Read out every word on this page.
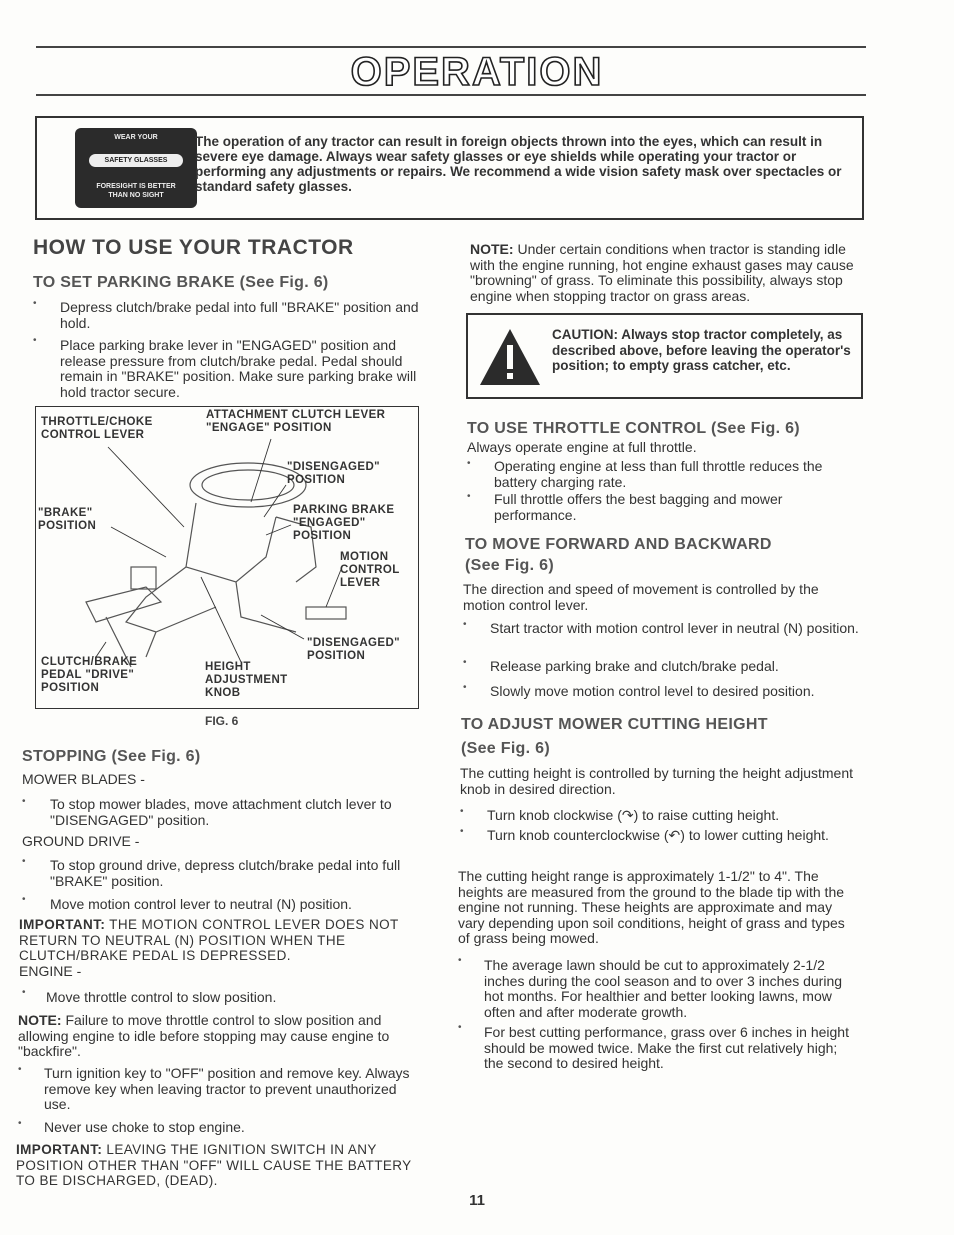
OPERATION
WEAR YOUR
SAFETY GLASSES
FORESIGHT IS BETTER
THAN NO SIGHT
The operation of any tractor can result in foreign objects thrown into the eyes, which can result in severe eye damage. Always wear safety glasses or eye shields while operating your tractor or performing any adjustments or repairs. We recommend a wide vision safety mask over spectacles or standard safety glasses.
HOW TO USE YOUR TRACTOR
TO SET PARKING BRAKE (See Fig. 6)
• Depress clutch/brake pedal into full "BRAKE" position and hold.
• Place parking brake lever in "ENGAGED" position and release pressure from clutch/brake pedal. Pedal should remain in "BRAKE" position. Make sure parking brake will hold tractor secure.
THROTTLE/CHOKE CONTROL LEVER
ATTACHMENT CLUTCH LEVER "ENGAGE" POSITION
"DISENGAGED" POSITION
"BRAKE" POSITION
PARKING BRAKE "ENGAGED" POSITION
MOTION CONTROL LEVER
"DISENGAGED" POSITION
CLUTCH/BRAKE PEDAL "DRIVE" POSITION
HEIGHT ADJUSTMENT KNOB
FIG. 6
STOPPING (See Fig. 6)
MOWER BLADES -
• To stop mower blades, move attachment clutch lever to "DISENGAGED" position.
GROUND DRIVE -
• To stop ground drive, depress clutch/brake pedal into full "BRAKE" position.
• Move motion control lever to neutral (N) position.
IMPORTANT: THE MOTION CONTROL LEVER DOES NOT RETURN TO NEUTRAL (N) POSITION WHEN THE CLUTCH/BRAKE PEDAL IS DEPRESSED.
ENGINE -
• Move throttle control to slow position.
NOTE: Failure to move throttle control to slow position and allowing engine to idle before stopping may cause engine to "backfire".
• Turn ignition key to "OFF" position and remove key. Always remove key when leaving tractor to prevent unauthorized use.
• Never use choke to stop engine.
IMPORTANT: LEAVING THE IGNITION SWITCH IN ANY POSITION OTHER THAN "OFF" WILL CAUSE THE BATTERY TO BE DISCHARGED, (DEAD).
NOTE: Under certain conditions when tractor is standing idle with the engine running, hot engine exhaust gases may cause "browning" of grass. To eliminate this possibility, always stop engine when stopping tractor on grass areas.
CAUTION: Always stop tractor completely, as described above, before leaving the operator's position; to empty grass catcher, etc.
TO USE THROTTLE CONTROL (See Fig. 6)
Always operate engine at full throttle.
• Operating engine at less than full throttle reduces the battery charging rate.
• Full throttle offers the best bagging and mower performance.
TO MOVE FORWARD AND BACKWARD
(See Fig. 6)
The direction and speed of movement is controlled by the motion control lever.
• Start tractor with motion control lever in neutral (N) position.
• Release parking brake and clutch/brake pedal.
• Slowly move motion control level to desired position.
TO ADJUST MOWER CUTTING HEIGHT
(See Fig. 6)
The cutting height is controlled by turning the height adjustment knob in desired direction.
• Turn knob clockwise (↷) to raise cutting height.
• Turn knob counterclockwise (↶) to lower cutting height.
The cutting height range is approximately 1-1/2" to 4". The heights are measured from the ground to the blade tip with the engine not running. These heights are approximate and may vary depending upon soil conditions, height of grass and types of grass being mowed.
• The average lawn should be cut to approximately 2-1/2 inches during the cool season and to over 3 inches during hot months. For healthier and better looking lawns, mow often and after moderate growth.
• For best cutting performance, grass over 6 inches in height should be mowed twice. Make the first cut relatively high; the second to desired height.
11
